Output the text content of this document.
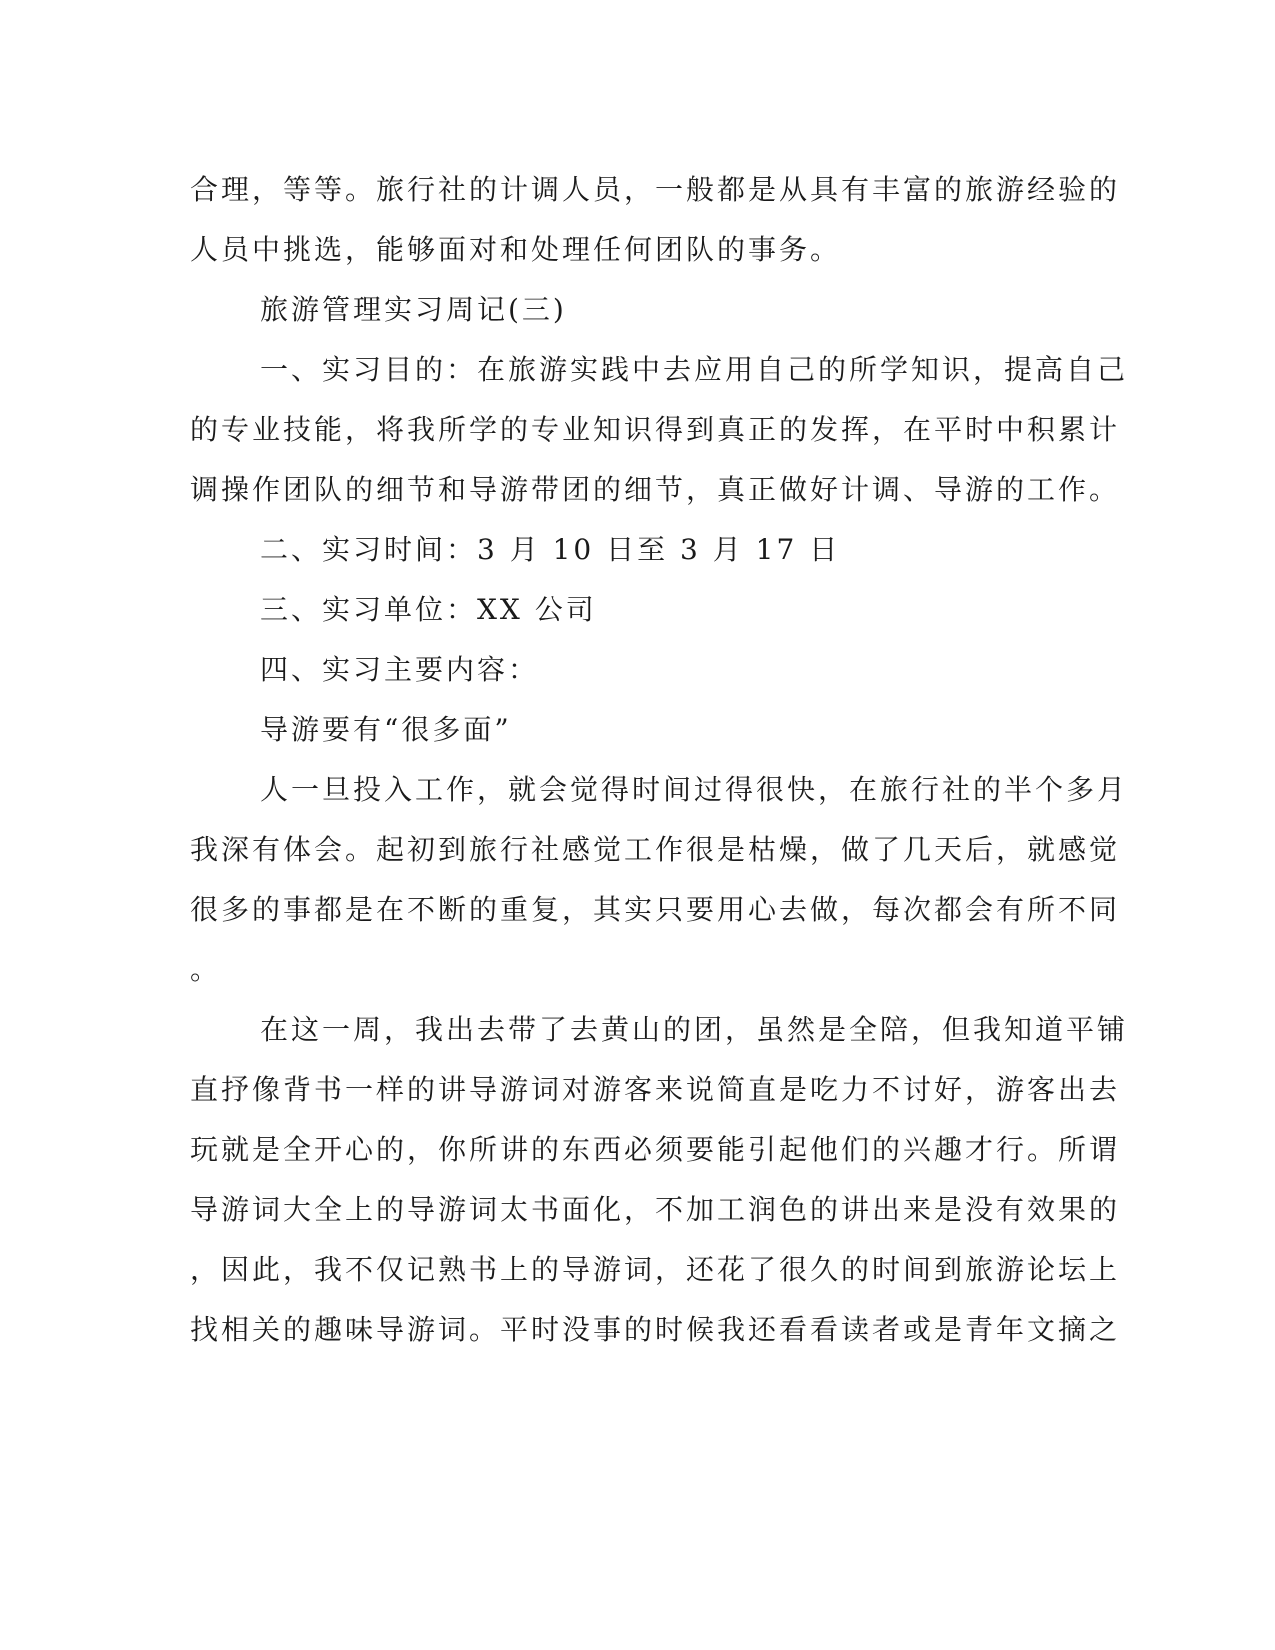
合理，等等。旅行社的计调人员，一般都是从具有丰富的旅游经验的
人员中挑选，能够面对和处理任何团队的事务。
旅游管理实习周记(三)
一、实习目的：在旅游实践中去应用自己的所学知识，提高自己
的专业技能，将我所学的专业知识得到真正的发挥，在平时中积累计
调操作团队的细节和导游带团的细节，真正做好计调、导游的工作。
二、实习时间：3 月 10 日至 3 月 17 日
三、实习单位：XX 公司
四、实习主要内容：
导游要有“很多面”
人一旦投入工作，就会觉得时间过得很快，在旅行社的半个多月
我深有体会。起初到旅行社感觉工作很是枯燥，做了几天后，就感觉
很多的事都是在不断的重复，其实只要用心去做，每次都会有所不同
。
在这一周，我出去带了去黄山的团，虽然是全陪，但我知道平铺
直抒像背书一样的讲导游词对游客来说简直是吃力不讨好，游客出去
玩就是全开心的，你所讲的东西必须要能引起他们的兴趣才行。所谓
导游词大全上的导游词太书面化，不加工润色的讲出来是没有效果的
，因此，我不仅记熟书上的导游词，还花了很久的时间到旅游论坛上
找相关的趣味导游词。平时没事的时候我还看看读者或是青年文摘之
